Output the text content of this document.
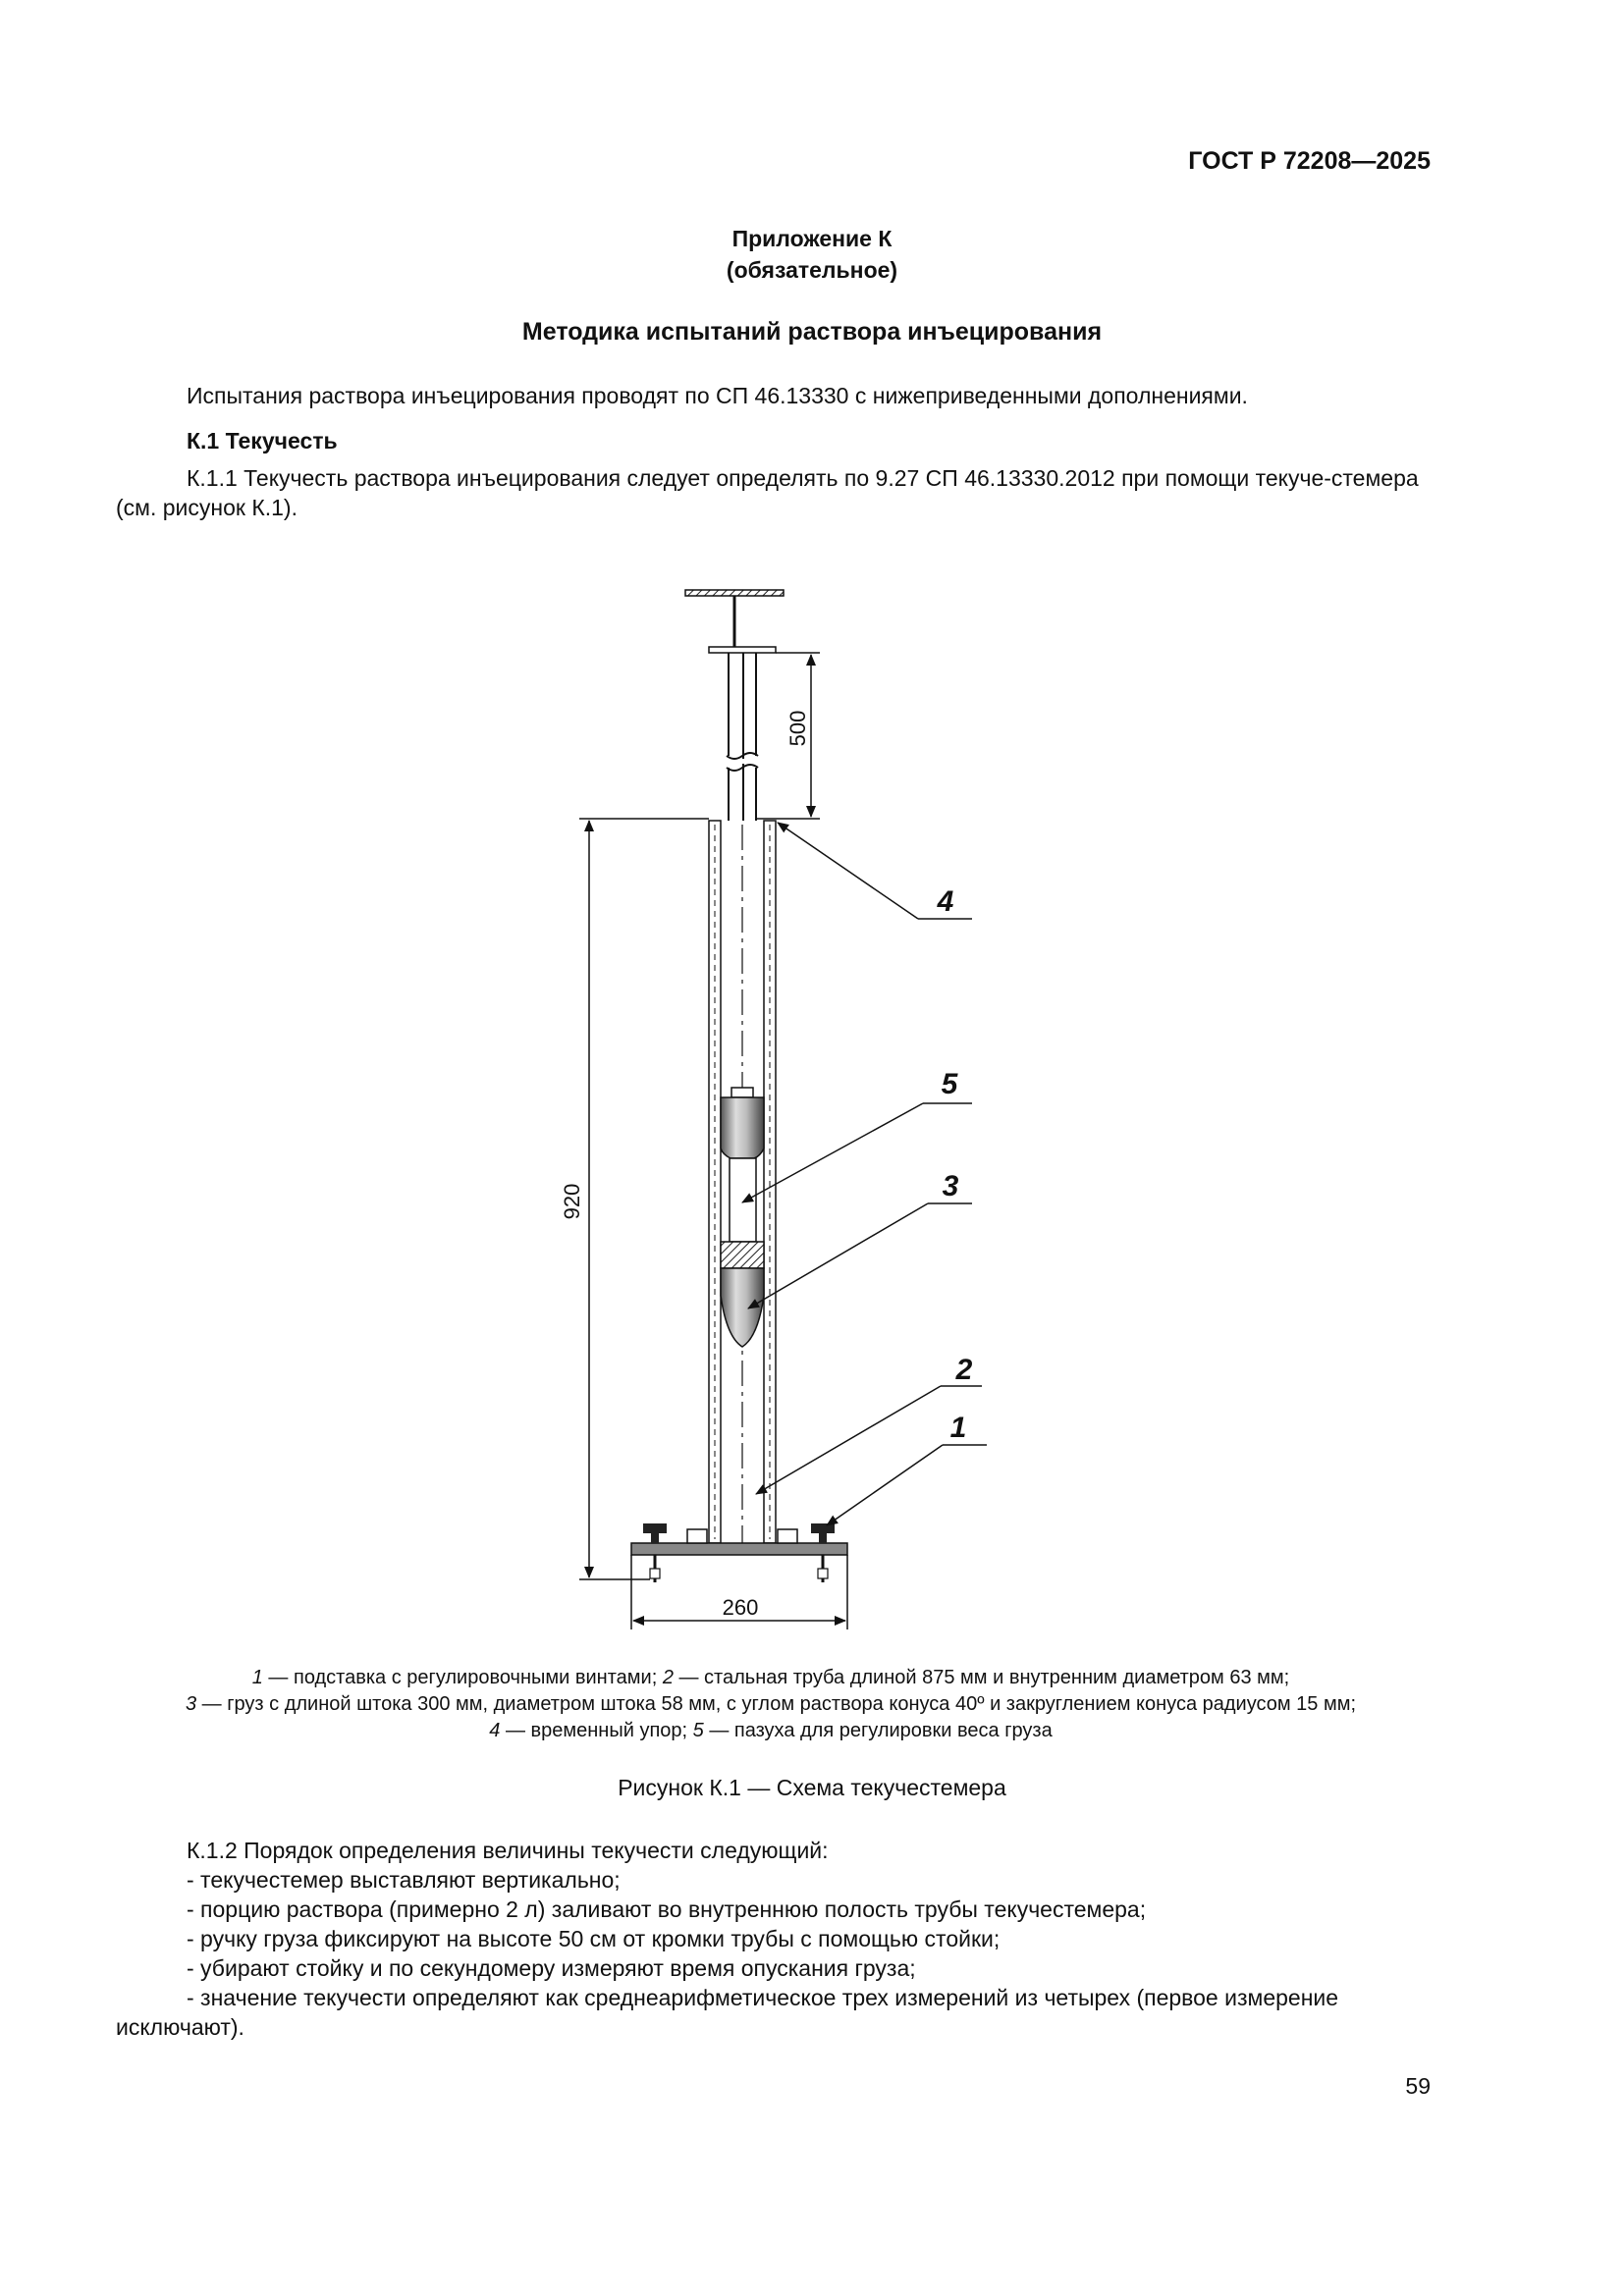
ГОСТ Р 72208—2025
Приложение К
(обязательное)
Методика испытаний раствора инъецирования
Испытания раствора инъецирования проводят по СП 46.13330 с нижеприведенными дополнениями.
К.1 Текучесть
К.1.1 Текучесть раствора инъецирования следует определять по 9.27 СП 46.13330.2012 при помощи текуче-стемера (см. рисунок К.1).
500
920
260
4
5
3
2
1
1 — подставка с регулировочными винтами; 2 — стальная труба длиной 875 мм и внутренним диаметром 63 мм;
3 — груз с длиной штока 300 мм, диаметром штока 58 мм, с углом раствора конуса 40º и закруглением конуса радиусом 15 мм;
4 — временный упор; 5 — пазуха для регулировки веса груза
Рисунок К.1 — Схема текучестемера
К.1.2 Порядок определения величины текучести следующий:
- текучестемер выставляют вертикально;
- порцию раствора (примерно 2 л) заливают во внутреннюю полость трубы текучестемера;
- ручку груза фиксируют на высоте 50 см от кромки трубы с помощью стойки;
- убирают стойку и по секундомеру измеряют время опускания груза;
- значение текучести определяют как среднеарифметическое трех измерений из четырех (первое измерение исключают).
59
